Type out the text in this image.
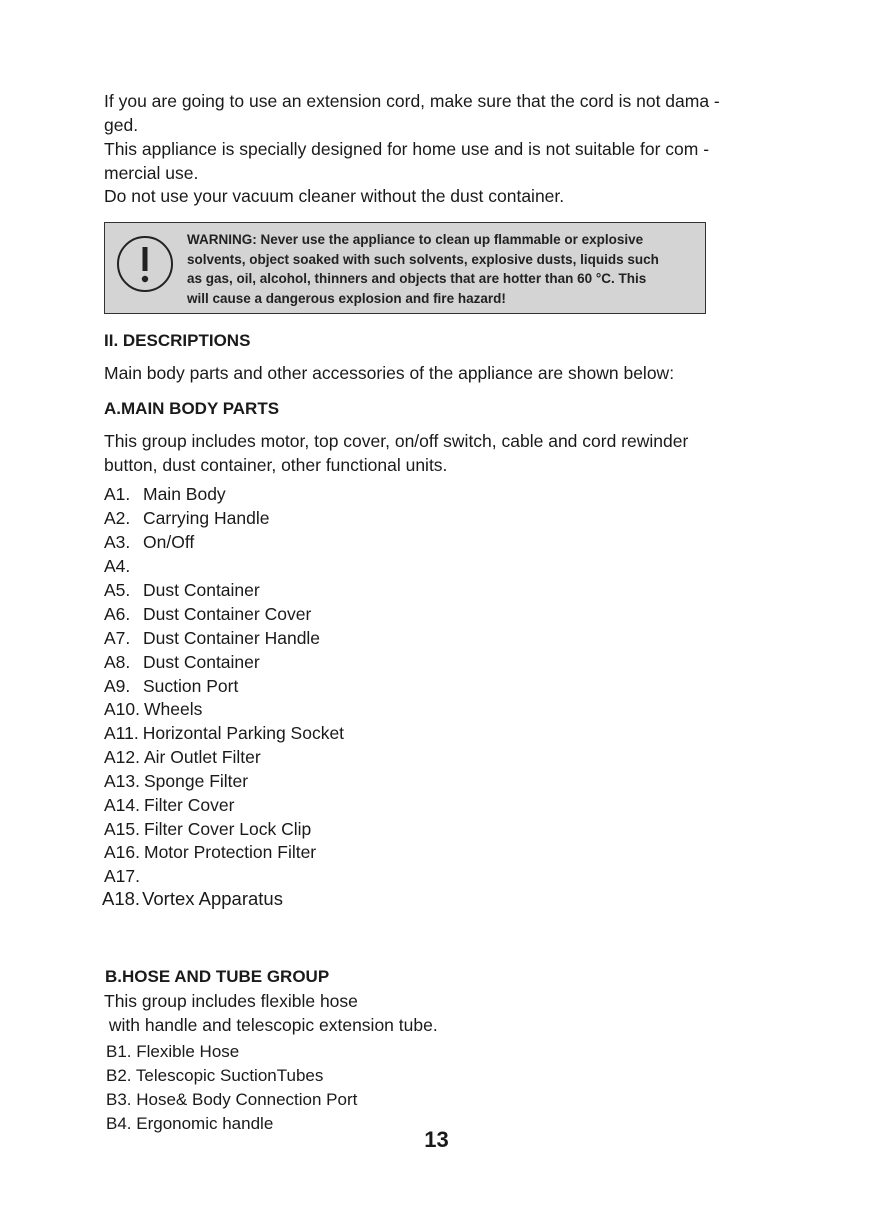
If you are going to use an extension cord, make sure that the cord is not dama -
ged.
This appliance is specially designed for home use and is not suitable for com -
mercial use.
Do not use your vacuum cleaner without the dust container.
WARNING: Never use the appliance to clean up flammable or explosive
solvents, object soaked with such solvents, explosive dusts, liquids such
as gas, oil, alcohol, thinners and objects that are hotter than 60 °C. This
will cause a dangerous explosion and fire hazard!
II. DESCRIPTIONS
Main body parts and other accessories of the appliance are shown below:
A.MAIN BODY PARTS
This group includes motor, top cover, on/off switch, cable and cord rewinder
button, dust container, other functional units.
A1. Main Body
A2. Carrying Handle
A3. On/Off
A4.
A5. Dust Container
A6. Dust Container Cover
A7. Dust Container Handle
A8. Dust Container
A9. Suction Port
A10. Wheels
A11. Horizontal Parking Socket
A12. Air Outlet Filter
A13. Sponge Filter
A14. Filter Cover
A15. Filter Cover Lock Clip
A16. Motor Protection Filter
A17.
A18. Vortex Apparatus
B.HOSE AND TUBE GROUP
This group includes flexible hose
with handle and telescopic extension tube.
B1. Flexible Hose
B2. Telescopic SuctionTubes
B3. Hose& Body Connection Port
B4. Ergonomic handle
13
